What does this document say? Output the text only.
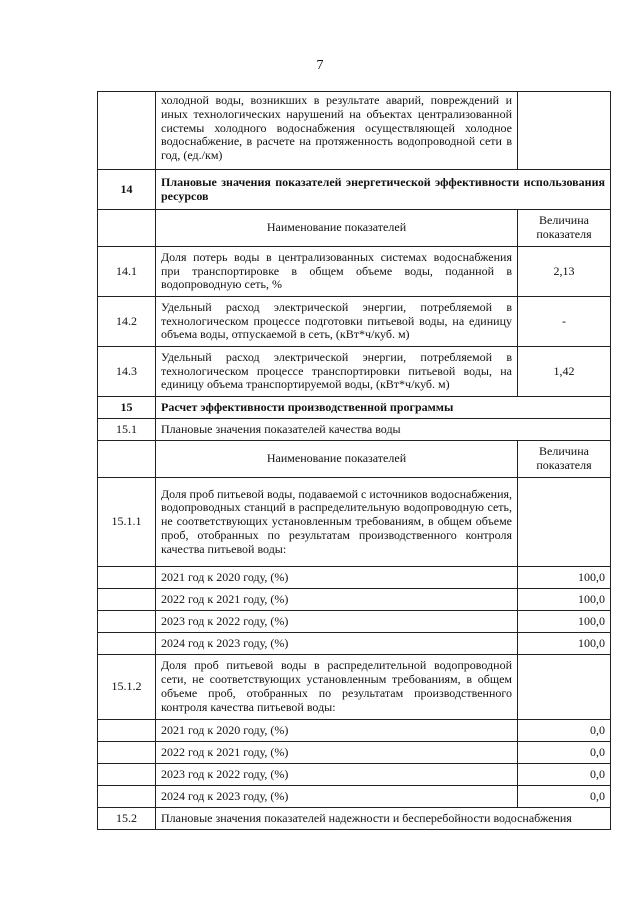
7
	холодной воды, возникших в результате аварий, повреждений и иных технологических нарушений на объектах централизованной системы холодного водоснабжения осуществляющей холодное водоснабжение, в расчете на протяженность водопроводной сети в год, (ед./км)	
14	Плановые значения показателей энергетической эффективности использования ресурсов	

	Наименование показателей	Величина показателя
14.1	Доля потерь воды в централизованных системах водоснабжения при транспортировке в общем объеме воды, поданной в водопроводную сеть, %	2,13
14.2	Удельный расход электрической энергии, потребляемой в технологическом процессе подготовки питьевой воды, на единицу объема воды, отпускаемой в сеть, (кВт*ч/куб. м)	-
14.3	Удельный расход электрической энергии, потребляемой в технологическом процессе транспортировки питьевой воды, на единицу объема транспортируемой воды, (кВт*ч/куб. м)	1,42
15	Расчет эффективности производственной программы	
15.1	Плановые значения показателей качества воды	
	Наименование показателей	Величина показателя
15.1.1	Доля проб питьевой воды, подаваемой с источников водоснабжения, водопроводных станций в распределительную водопроводную сеть, не соответствующих установленным требованиям, в общем объеме проб, отобранных по результатам производственного контроля качества питьевой воды:	
	2021 год к 2020 году, (%)	100,0
	2022 год к 2021 году, (%)	100,0
	2023 год к 2022 году, (%)	100,0
	2024 год к 2023 году, (%)	100,0
15.1.2	Доля проб питьевой воды в распределительной водопроводной сети, не соответствующих установленным требованиям, в общем объеме проб, отобранных по результатам производственного контроля качества питьевой воды:	
	2021 год к 2020 году, (%)	0,0
	2022 год к 2021 году, (%)	0,0
	2023 год к 2022 году, (%)	0,0
	2024 год к 2023 году, (%)	0,0
15.2	Плановые значения показателей надежности и бесперебойности водоснабжения	
